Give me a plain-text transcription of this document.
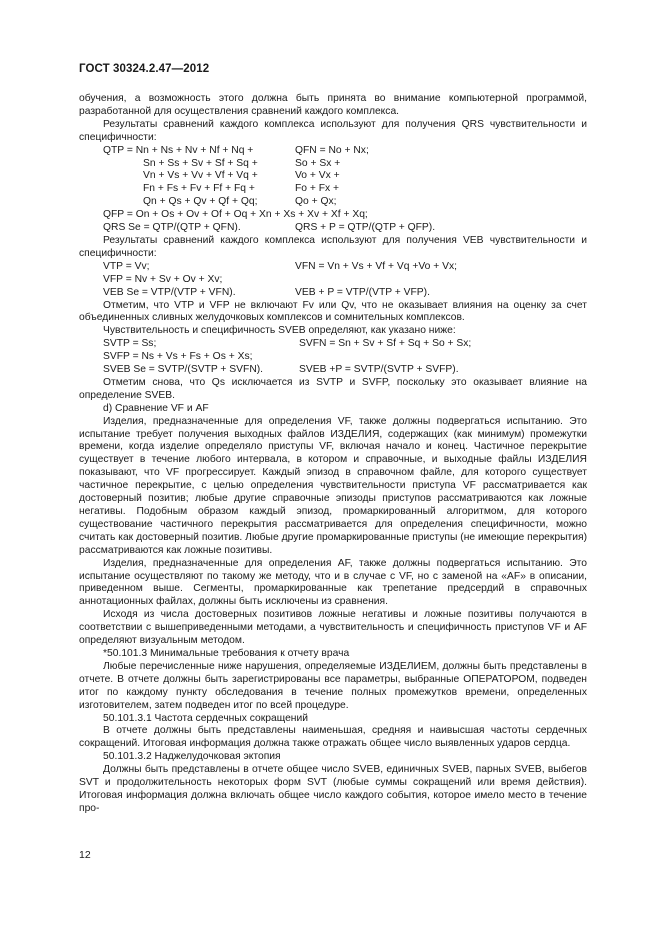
ГОСТ 30324.2.47—2012

обучения, а возможность этого должна быть принята во внимание компьютерной программой, разработанной для осуществления сравнений каждого комплекса.

Результаты сравнений каждого комплекса используют для получения QRS чувствительности и специфичности:

QTP = Nn + Ns + Nv + Nf + Nq +	QFN = No + Nx;
Sn + Ss + Sv + Sf + Sq +	So + Sx +
Vn + Vs + Vv + Vf + Vq +	Vo + Vx +
Fn + Fs + Fv + Ff + Fq +	Fo + Fx +
Qn + Qs + Qv + Qf + Qq;	Qo + Qx;
QFP = On + Os + Ov + Of + Oq + Xn + Xs + Xv + Xf + Xq;
QRS Se = QTP/(QTP + QFN).	QRS + P = QTP/(QTP + QFP).

Результаты сравнений каждого комплекса используют для получения VEB чувствительности и специфичности:

VTP = Vv;	VFN = Vn + Vs + Vf + Vq +Vo + Vx;
VFP = Nv + Sv + Ov + Xv;
VEB Se = VTP/(VTP + VFN).	VEB + P = VTP/(VTP + VFP).

Отметим, что VTP и VFP не включают Fv или Qv, что не оказывает влияния на оценку за счет объединенных сливных желудочковых комплексов и сомнительных комплексов.

Чувствительность и специфичность SVEB определяют, как указано ниже:

SVTP = Ss;	SVFN = Sn + Sv + Sf + Sq + So + Sx;
SVFP = Ns + Vs + Fs + Os + Xs;
SVEB Se = SVTP/(SVTP + SVFN).	SVEB +P = SVTP/(SVTP + SVFP).

Отметим снова, что Qs исключается из SVTP и SVFP, поскольку это оказывает влияние на определение SVEB.

d) Сравнение VF и AF

Изделия, предназначенные для определения VF, также должны подвергаться испытанию. Это испытание требует получения выходных файлов ИЗДЕЛИЯ, содержащих (как минимум) промежутки времени, когда изделие определяло приступы VF, включая начало и конец. Частичное перекрытие существует в течение любого интервала, в котором и справочные, и выходные файлы ИЗДЕЛИЯ показывают, что VF прогрессирует. Каждый эпизод в справочном файле, для которого существует частичное перекрытие, с целью определения чувствительности приступа VF рассматривается как достоверный позитив; любые другие справочные эпизоды приступов рассматриваются как ложные негативы. Подобным образом каждый эпизод, промаркированный алгоритмом, для которого существование частичного перекрытия рассматривается для определения специфичности, можно считать как достоверный позитив. Любые другие промаркированные приступы (не имеющие перекрытия) рассматриваются как ложные позитивы.

Изделия, предназначенные для определения AF, также должны подвергаться испытанию. Это испытание осуществляют по такому же методу, что и в случае с VF, но с заменой на «AF» в описании, приведенном выше. Сегменты, промаркированные как трепетание предсердий в справочных аннотационных файлах, должны быть исключены из сравнения.

Исходя из числа достоверных позитивов ложные негативы и ложные позитивы получаются в соответствии с вышеприведенными методами, а чувствительность и специфичность приступов VF и AF определяют визуальным методом.

*50.101.3 Минимальные требования к отчету врача

Любые перечисленные ниже нарушения, определяемые ИЗДЕЛИЕМ, должны быть представлены в отчете. В отчете должны быть зарегистрированы все параметры, выбранные ОПЕРАТОРОМ, подведен итог по каждому пункту обследования в течение полных промежутков времени, определенных изготовителем, затем подведен итог по всей процедуре.

50.101.3.1 Частота сердечных сокращений

В отчете должны быть представлены наименьшая, средняя и наивысшая частоты сердечных сокращений. Итоговая информация должна также отражать общее число выявленных ударов сердца.

50.101.3.2 Наджелудочковая эктопия

Должны быть представлены в отчете общее число SVEB, единичных SVEB, парных SVEB, выбегов SVT и продолжительность некоторых форм SVT (любые суммы сокращений или время действия). Итоговая информация должна включать общее число каждого события, которое имело место в течение про-

12
